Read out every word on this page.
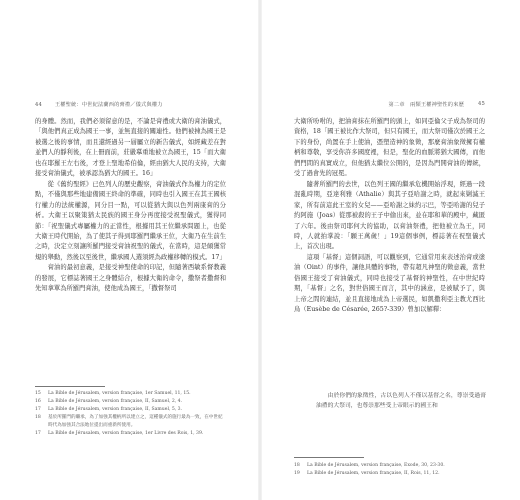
44 王權聖統：中世紀法蘭西的膏禮／儀式與權力

的身體。然而，我們必須留意的是，不論是膏禮或大衛的膏油儀式，「與他們真正成為國王一事，並無直接的關連性。他們被揀為國王是被選之後的事情，而且還經過另一層屬立的新告儀式，如經藏差在對並們人的靜利後，在上冊面前，莊嚴摹重地被立為國王，15「而大衛也在耶羅王左右後，才登上聖地希伯倫，經由猶大人民的支持，大衛接受膏油儀式，被承認為猶大的國王。16」

從《舊約聖經》已色列人的歷史觀察，膏油儀式作為權力的定位點，不僅與那些地建備國王終命的準確，同時也引入國王在其王國核行權力的法統權源，同分目一點，可以從猶大與以色列兩康膏的分析。大衛王以聚策猶太民族的國王身分再度接受祝聖儀式，獲得同節：「祝聖儀式專屬權力的正當性，根據用其王位繼承問題上，也從大衛王時代開始，為了使其子得到耶羅門繼承王位，大衛乃在生前生之時，決定立刻讓所羅門接受膏油祝聖的儀式，在當時，這是頗獲常規的舉動，然後以至後世，繼承國人選須經為政權移轉的模式。17」

膏油的最初意義，是接受神聖使命的印記，但隨著西敏系督教義的發展，它標誌著國王之身體結合，根據大衛的命令，撒祭者撒督和先知拿單為所羅門膏油，使他成為國王，「撒督祭司

15 La Bible de Jérusalem, version française, 1er Samuel, 11, 15.
16 La Bible de Jérusalem, version française, II, Samuel, 2, 4.
17 La Bible de Jérusalem, version française, II, Samuel, 5, 3.
18 基於所羅門的繼承，為了加強其權柄所以建立之，這種儀式的施行最為一致，在中世紀時代為加強其合法地位提出而重新所使用。
17 La Bible de Jérusalem, version française, 1er Livre des Rois, 1, 39.
45
第二章　兩類王權神聖性的來歷

大衛所吩咐的，把油膏抹在所羅門的頭上，如同亞倫父子成為祭司的資格，18「國王被比作大祭司，但只有國王，而大祭司僅次於國王之下的身份，尚置在手上使油，憑塑造神的象徵，那麼膏油象徵擁有權柄和尊敬，享受你許多國度裡，但是，聖化的血脈將猶大國傳，而他們門間的真實成立，但他猶太繼位公開的，是因為門開膏油的傳統，受了過會先的冠冕。

隨著所羅門的去世，以色列王國的繼承危機開始浮現，經過一段混亂時期，亞達利雅（Athalie）與其子亞哈謝之時，就起來剿滅王家，所有前這此王室的女兒——亞哈謝之妹約示巴，等亞哈謝的兒子約阿施（Joas）從那被殺的王子中偷出來，並在耶和華的殿中，藏匿了六年。後由祭司耶何大的協助，以膏油祭禮，把他被立為王，同時，人就拍掌說：「願王萬歲！」19這個事例，標誌著在祝聖儀式上，首次出現。

這項「基督」這個詞語，可以觀察到，它通常用來表述治膏或塗油（Oint）的事件，讓他具體的事物，帶有超凡神聖的徵意義，當世俗國王接受了膏油儀式，同時也接受了基督的神聖性，在中世紀時期，「基督」之名，對世俗國王而言，其中的涵意，是被賦予了，與上帝之間的連結，並且直接地成為上帝選民，如凱撒利亞主教尤西比烏（Eusèbe de Césarée, 265?-339）曾加以解釋：

由於你們的象徵性，古以色列人不僅以基督之名，尊崇受過膏油禮的大祭司，也尊崇那些受上帝眼示的國王和
18 La Bible de Jérusalem, version française, Exode, 30, 23-30.
19 La Bible de Jérusalem, version française, II, Rois, 11, 12.
